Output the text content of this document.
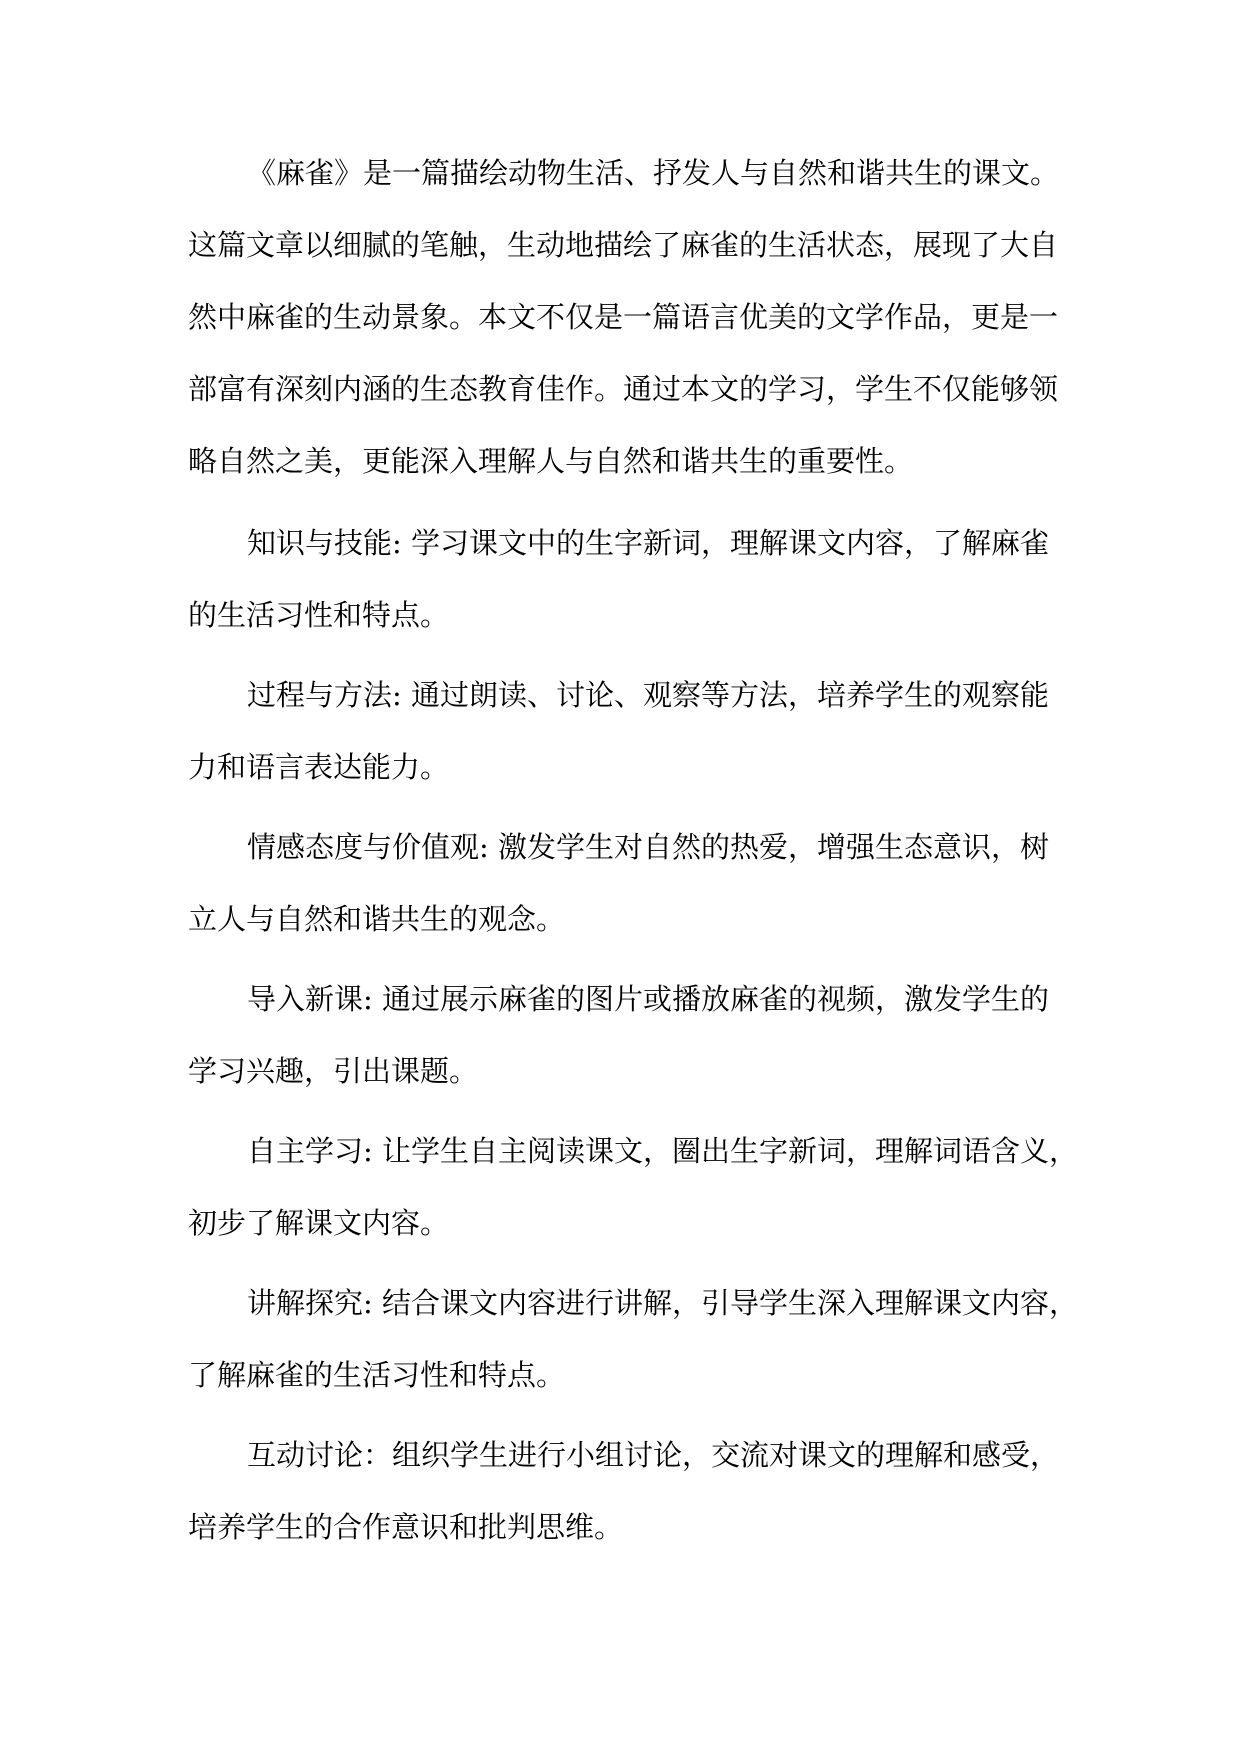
《麻雀》是一篇描绘动物生活、抒发人与自然和谐共生的课文。

这篇文章以细腻的笔触，生动地描绘了麻雀的生活状态，展现了大自

然中麻雀的生动景象。本文不仅是一篇语言优美的文学作品，更是一

部富有深刻内涵的生态教育佳作。通过本文的学习，学生不仅能够领

略自然之美，更能深入理解人与自然和谐共生的重要性。

知识与技能: 学习课文中的生字新词，理解课文内容，了解麻雀

的生活习性和特点。

过程与方法: 通过朗读、讨论、观察等方法，培养学生的观察能

力和语言表达能力。

情感态度与价值观: 激发学生对自然的热爱，增强生态意识，树

立人与自然和谐共生的观念。

导入新课: 通过展示麻雀的图片或播放麻雀的视频，激发学生的

学习兴趣，引出课题。

自主学习: 让学生自主阅读课文，圈出生字新词，理解词语含义，

初步了解课文内容。

讲解探究: 结合课文内容进行讲解，引导学生深入理解课文内容，

了解麻雀的生活习性和特点。

互动讨论：组织学生进行小组讨论，交流对课文的理解和感受，

培养学生的合作意识和批判思维。
